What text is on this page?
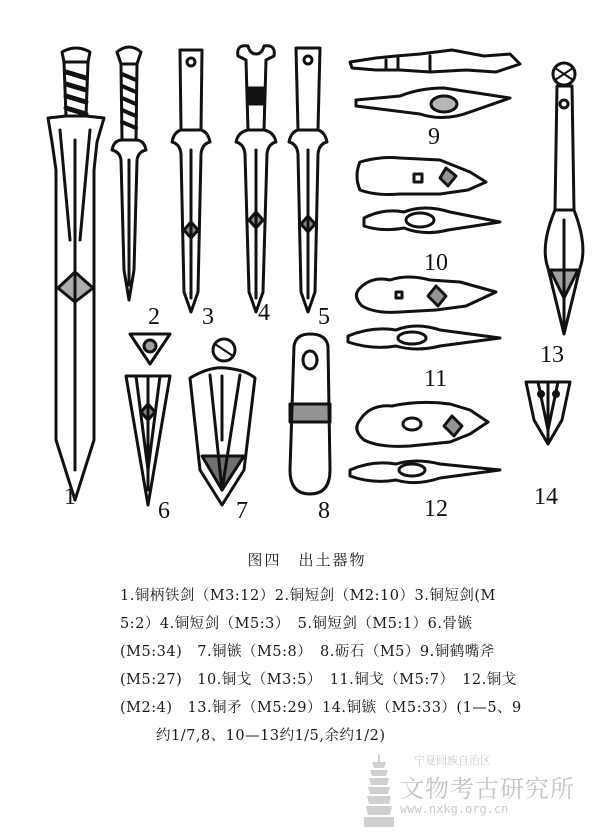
1
2 3 4 5
6	7	8
9
10
11
12
13
14
图四　出土器物
1.铜柄铁剑（M3:12）2.铜短剑（M2:10）3.铜短剑(M
5:2）4.铜短剑（M5:3）　5.铜短剑（M5:1）6.骨镞
(M5:34)　7.铜镞（M5:8）　8.砺石（M5）9.铜鹤嘴斧
(M5:27)　10.铜戈（M3:5）　11.铜戈（M5:7）　12.铜戈
(M2:4)　13.铜矛（M5:29）14.铜镞（M5:33）(1—5、9
约1/7,8、10—13约1/5,余约1/2)
宁夏回族自治区
文物考古研究所
www.nxkg.org.cn
